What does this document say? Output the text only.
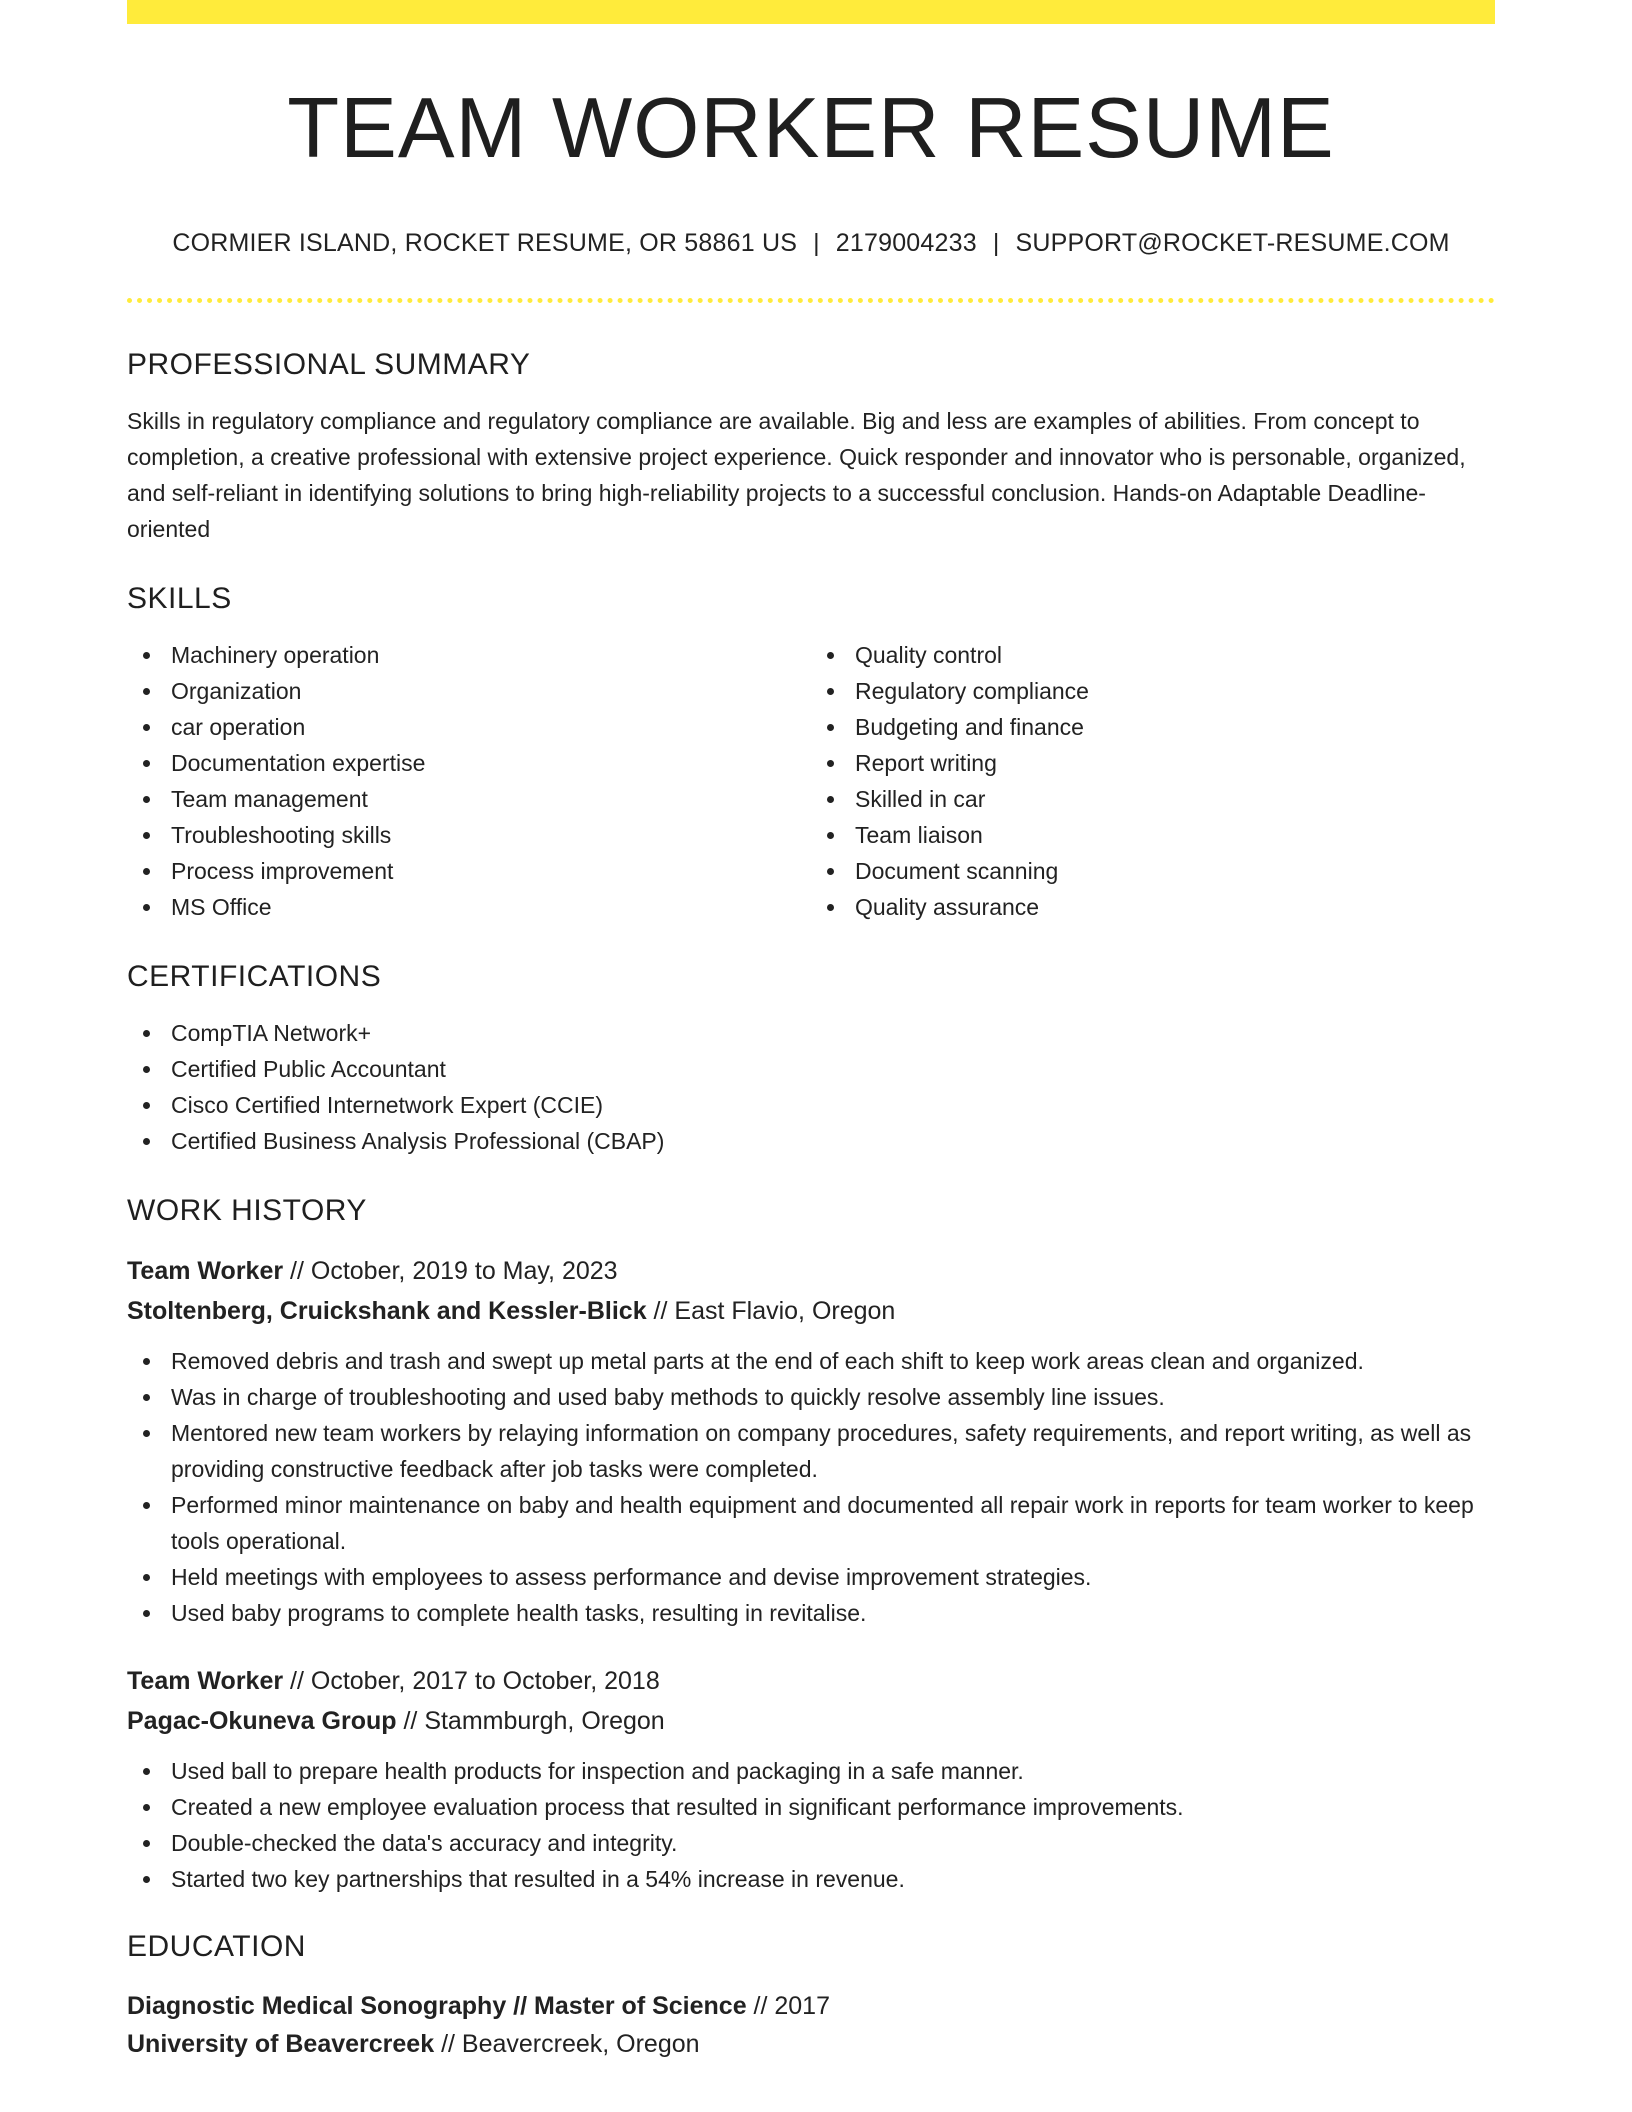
TEAM WORKER RESUME
CORMIER ISLAND, ROCKET RESUME, OR 58861 US | 2179004233 | SUPPORT@ROCKET-RESUME.COM
PROFESSIONAL SUMMARY

Skills in regulatory compliance and regulatory compliance are available. Big and less are examples of abilities. From concept to completion, a creative professional with extensive project experience. Quick responder and innovator who is personable, organized, and self-reliant in identifying solutions to bring high-reliability projects to a successful conclusion. Hands-on Adaptable Deadline-oriented

SKILLS
Machinery operation
Organization
car operation
Documentation expertise
Team management
Troubleshooting skills
Process improvement
MS Office
Quality control
Regulatory compliance
Budgeting and finance
Report writing
Skilled in car
Team liaison
Document scanning
Quality assurance
CERTIFICATIONS
CompTIA Network+
Certified Public Accountant
Cisco Certified Internetwork Expert (CCIE)
Certified Business Analysis Professional (CBAP)
WORK HISTORY
Team Worker // October, 2019 to May, 2023
Stoltenberg, Cruickshank and Kessler-Blick // East Flavio, Oregon
Removed debris and trash and swept up metal parts at the end of each shift to keep work areas clean and organized.
Was in charge of troubleshooting and used baby methods to quickly resolve assembly line issues.
Mentored new team workers by relaying information on company procedures, safety requirements, and report writing, as well as providing constructive feedback after job tasks were completed.
Performed minor maintenance on baby and health equipment and documented all repair work in reports for team worker to keep tools operational.
Held meetings with employees to assess performance and devise improvement strategies.
Used baby programs to complete health tasks, resulting in revitalise.
Team Worker // October, 2017 to October, 2018
Pagac-Okuneva Group // Stammburgh, Oregon
Used ball to prepare health products for inspection and packaging in a safe manner.
Created a new employee evaluation process that resulted in significant performance improvements.
Double-checked the data's accuracy and integrity.
Started two key partnerships that resulted in a 54% increase in revenue.
EDUCATION
Diagnostic Medical Sonography // Master of Science // 2017
University of Beavercreek // Beavercreek, Oregon
